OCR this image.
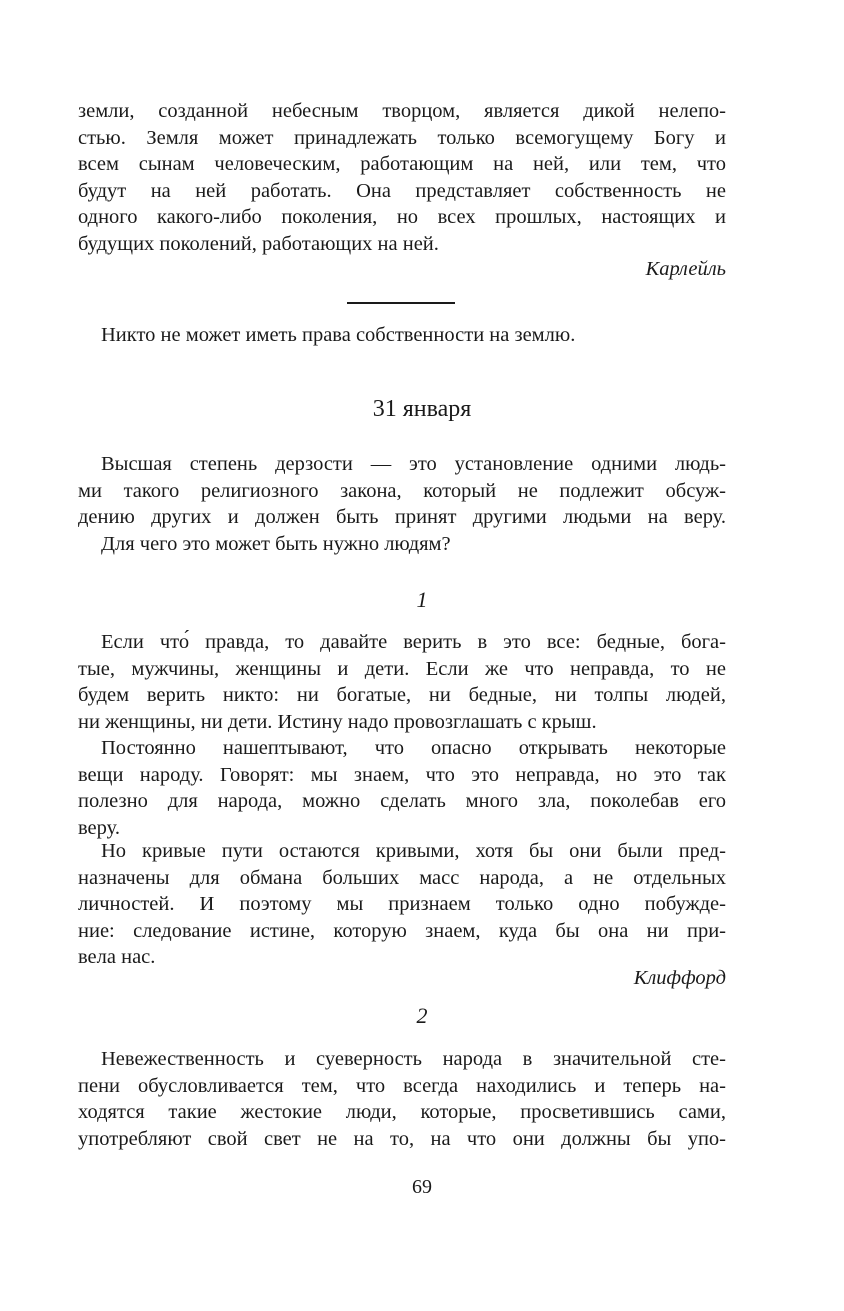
земли, созданной небесным творцом, является дикой нелепо-
стью. Земля может принадлежать только всемогущему Богу и
всем сынам человеческим, работающим на ней, или тем, что
будут на ней работать. Она представляет собственность не
одного какого-либо поколения, но всех прошлых, настоящих и
будущих поколений, работающих на ней.
Карлейль
Никто не может иметь права собственности на землю.
31 января
Высшая степень дерзости — это установление одними людь-
ми такого религиозного закона, который не подлежит обсуж-
дению других и должен быть принят другими людьми на веру.
Для чего это может быть нужно людям?
1
Если что́ правда, то давайте верить в это все: бедные, бога-
тые, мужчины, женщины и дети. Если же что неправда, то не
будем верить никто: ни богатые, ни бедные, ни толпы людей,
ни женщины, ни дети. Истину надо провозглашать с крыш.
Постоянно нашептывают, что опасно открывать некоторые
вещи народу. Говорят: мы знаем, что это неправда, но это так
полезно для народа, можно сделать много зла, поколебав его
веру.
Но кривые пути остаются кривыми, хотя бы они были пред-
назначены для обмана больших масс народа, а не отдельных
личностей. И поэтому мы признаем только одно побужде-
ние: следование истине, которую знаем, куда бы она ни при-
вела нас.
Клиффорд
2
Невежественность и суеверность народа в значительной сте-
пени обусловливается тем, что всегда находились и теперь на-
ходятся такие жестокие люди, которые, просветившись сами,
употребляют свой свет не на то, на что они должны бы упо-
69
